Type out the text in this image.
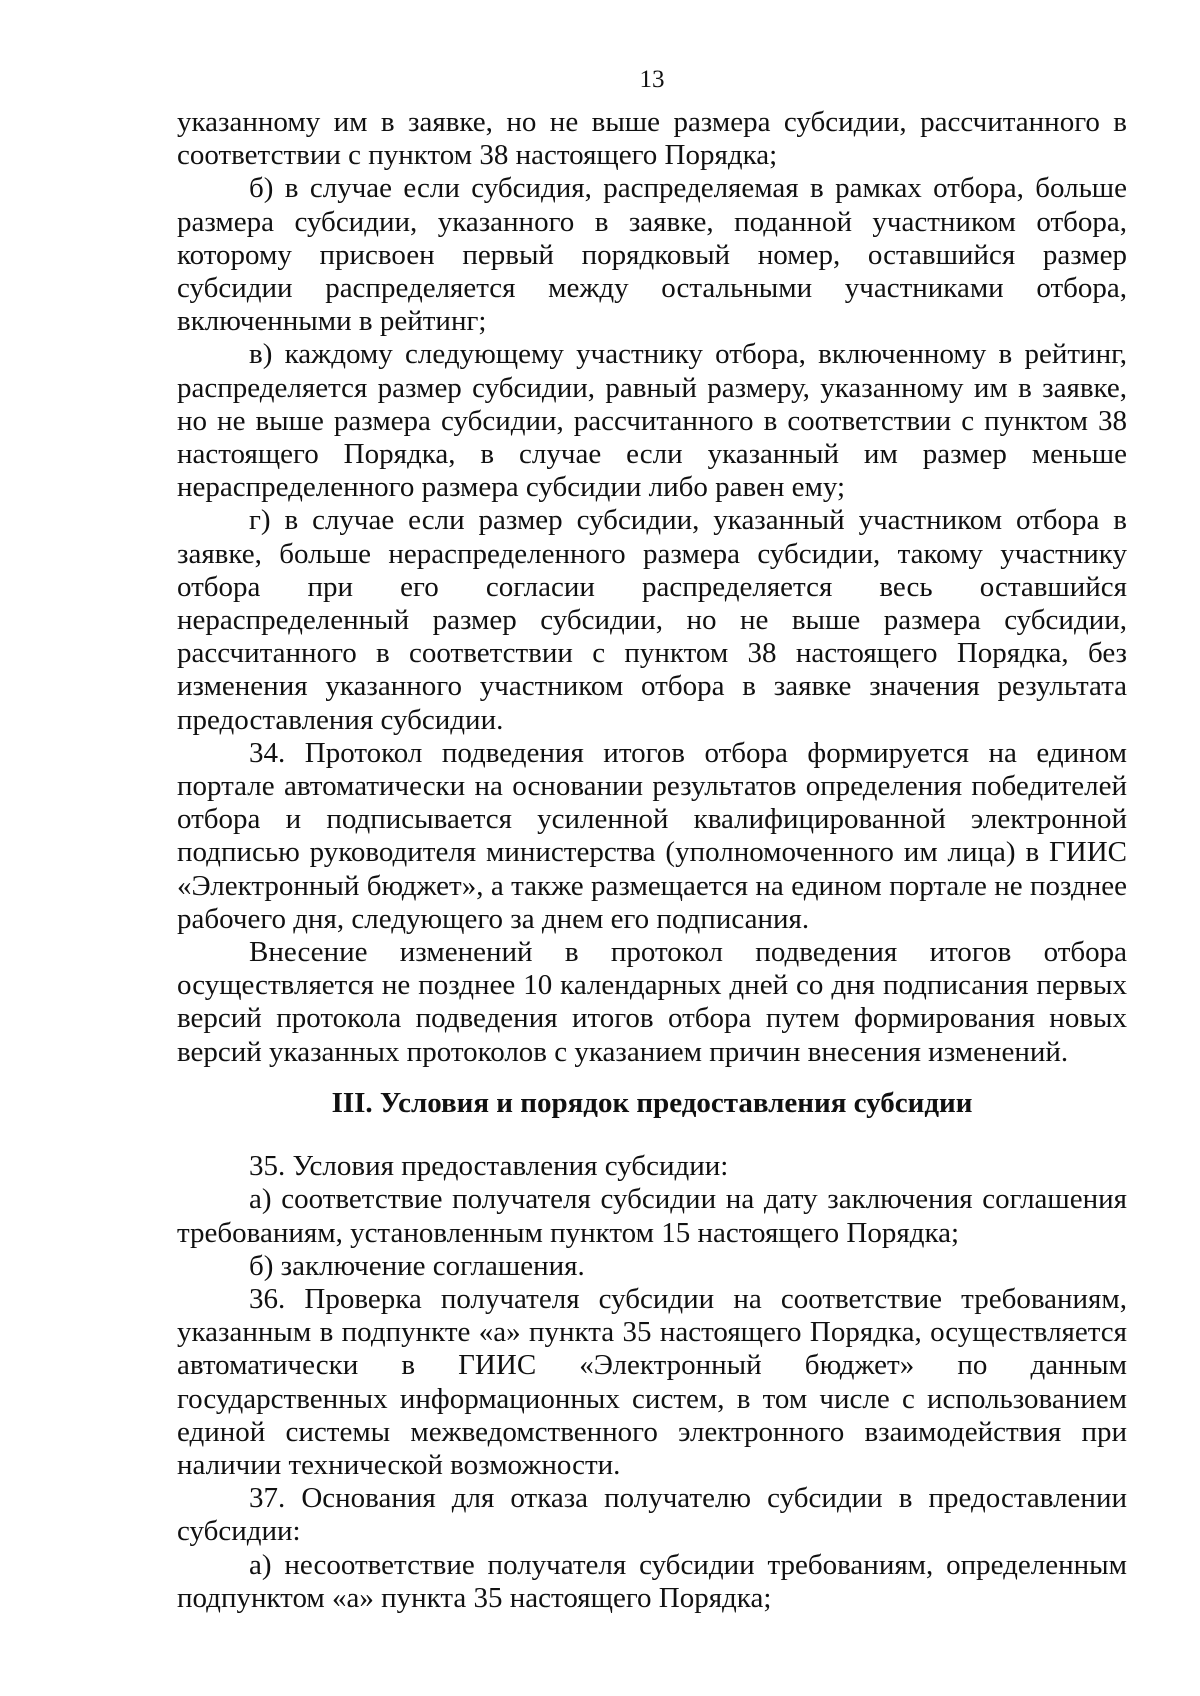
13

указанному им в заявке, но не выше размера субсидии, рассчитанного в соответствии с пунктом 38 настоящего Порядка;

б) в случае если субсидия, распределяемая в рамках отбора, больше размера субсидии, указанного в заявке, поданной участником отбора, которому присвоен первый порядковый номер, оставшийся размер субсидии распределяется между остальными участниками отбора, включенными в рейтинг;

в) каждому следующему участнику отбора, включенному в рейтинг, распределяется размер субсидии, равный размеру, указанному им в заявке, но не выше размера субсидии, рассчитанного в соответствии с пунктом 38 настоящего Порядка, в случае если указанный им размер меньше нераспределенного размера субсидии либо равен ему;

г) в случае если размер субсидии, указанный участником отбора в заявке, больше нераспределенного размера субсидии, такому участнику отбора при его согласии распределяется весь оставшийся нераспределенный размер субсидии, но не выше размера субсидии, рассчитанного в соответствии с пунктом 38 настоящего Порядка, без изменения указанного участником отбора в заявке значения результата предоставления субсидии.

34. Протокол подведения итогов отбора формируется на едином портале автоматически на основании результатов определения победителей отбора и подписывается усиленной квалифицированной электронной подписью руководителя министерства (уполномоченного им лица) в ГИИС «Электронный бюджет», а также размещается на едином портале не позднее рабочего дня, следующего за днем его подписания.

Внесение изменений в протокол подведения итогов отбора осуществляется не позднее 10 календарных дней со дня подписания первых версий протокола подведения итогов отбора путем формирования новых версий указанных протоколов с указанием причин внесения изменений.

III. Условия и порядок предоставления субсидии

35. Условия предоставления субсидии:

а) соответствие получателя субсидии на дату заключения соглашения требованиям, установленным пунктом 15 настоящего Порядка;

б) заключение соглашения.

36. Проверка получателя субсидии на соответствие требованиям, указанным в подпункте «а» пункта 35 настоящего Порядка, осуществляется автоматически в ГИИС «Электронный бюджет» по данным государственных информационных систем, в том числе с использованием единой системы межведомственного электронного взаимодействия при наличии технической возможности.

37. Основания для отказа получателю субсидии в предоставлении субсидии:

а) несоответствие получателя субсидии требованиям, определенным подпунктом «а» пункта 35 настоящего Порядка;
